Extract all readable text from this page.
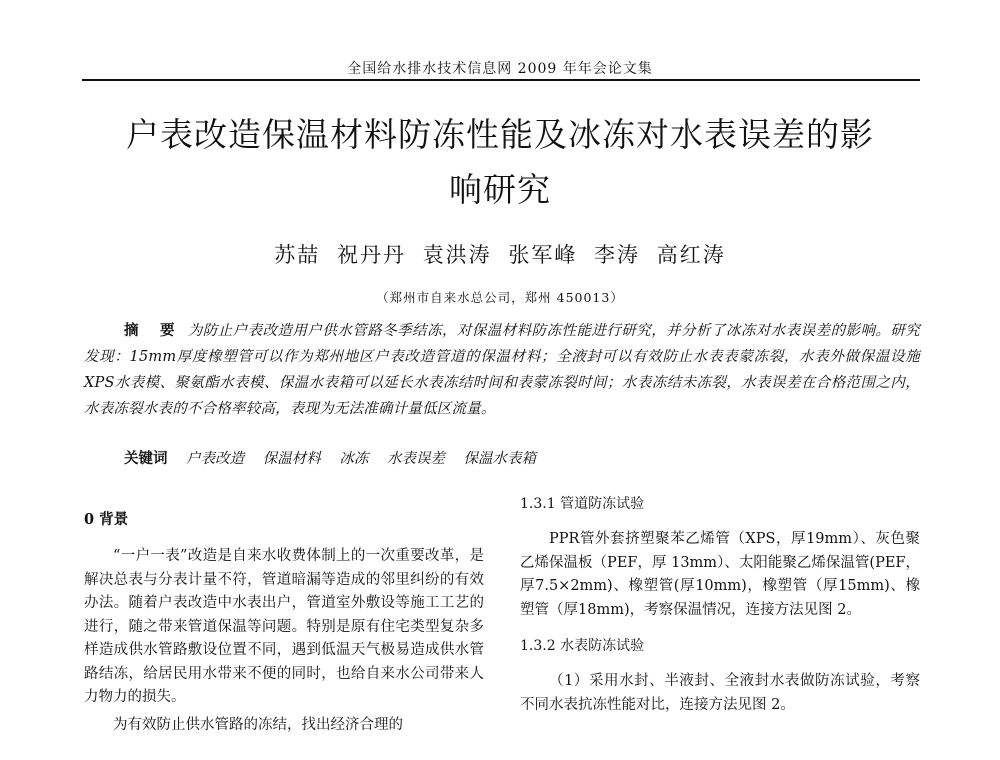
全国给水排水技术信息网 2009 年年会论文集
户表改造保温材料防冻性能及冰冻对水表误差的影
响研究
苏喆 祝丹丹 袁洪涛 张军峰 李涛 高红涛
（郑州市自来水总公司，郑州 450013）
摘 要 为防止户表改造用户供水管路冬季结冻，对保温材料防冻性能进行研究，并分析了冰冻对水表误差的影响。研究发现：15mm厚度橡塑管可以作为郑州地区户表改造管道的保温材料；全液封可以有效防止水表表蒙冻裂，水表外做保温设施XPS水表模、聚氨酯水表模、保温水表箱可以延长水表冻结时间和表蒙冻裂时间；水表冻结未冻裂，水表误差在合格范围之内，水表冻裂水表的不合格率较高，表现为无法准确计量低区流量。
关键词 户表改造 保温材料 冰冻 水表误差 保温水表箱
0 背景

“一户一表”改造是自来水收费体制上的一次重要改革，是解决总表与分表计量不符，管道暗漏等造成的邻里纠纷的有效办法。随着户表改造中水表出户，管道室外敷设等施工工艺的进行，随之带来管道保温等问题。特别是原有住宅类型复杂多样造成供水管路敷设位置不同，遇到低温天气极易造成供水管路结冻，给居民用水带来不便的同时，也给自来水公司带来人力物力的损失。

为有效防止供水管路的冻结，找出经济合理的

1.3.1 管道防冻试验

PPR管外套挤塑聚苯乙烯管（XPS，厚19mm）、灰色聚乙烯保温板（PEF，厚 13mm）、太阳能聚乙烯保温管(PEF，厚7.5×2mm)、橡塑管(厚10mm)，橡塑管（厚15mm)、橡塑管（厚18mm)，考察保温情况，连接方法见图 2。

1.3.2 水表防冻试验

（1）采用水封、半液封、全液封水表做防冻试验，考察不同水表抗冻性能对比，连接方法见图 2。
